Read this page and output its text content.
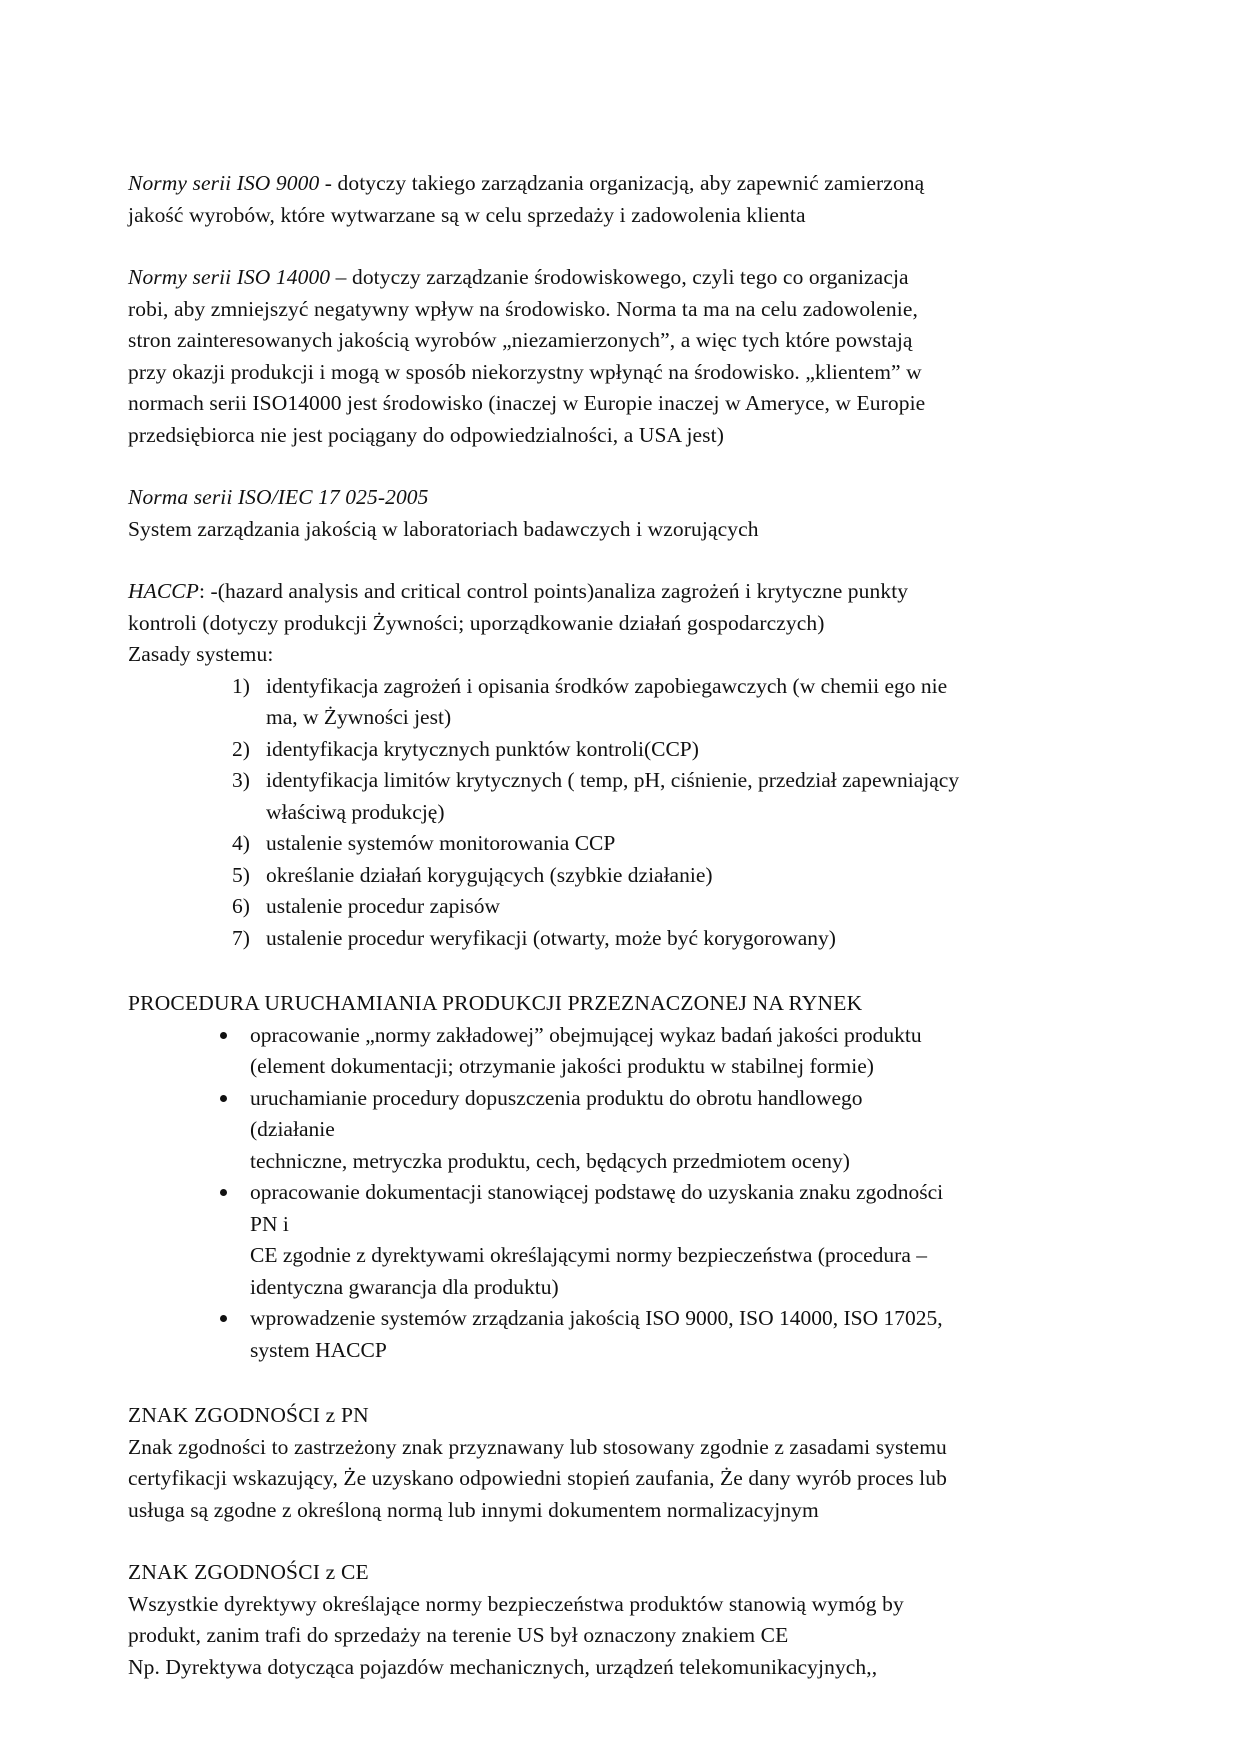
Normy serii ISO 9000 - dotyczy takiego zarządzania organizacją, aby zapewnić zamierzoną
jakość wyrobów, które wytwarzane są w celu sprzedaży i zadowolenia klienta
Normy serii ISO 14000 – dotyczy zarządzanie środowiskowego, czyli tego co organizacja
robi, aby zmniejszyć negatywny wpływ na środowisko. Norma ta ma na celu zadowolenie,
stron zainteresowanych jakością wyrobów „niezamierzonych”, a więc tych które powstają
przy okazji produkcji i mogą w sposób niekorzystny wpłynąć na środowisko. „klientem” w
normach serii ISO14000 jest środowisko (inaczej w Europie inaczej w Ameryce, w Europie
przedsiębiorca nie jest pociągany do odpowiedzialności, a USA jest)
Norma serii ISO/IEC 17 025-2005
System zarządzania jakością w laboratoriach badawczych i wzorujących
HACCP: -(hazard analysis and critical control points)analiza zagrożeń i krytyczne punkty
kontroli (dotyczy produkcji Żywności; uporządkowanie działań gospodarczych)
Zasady systemu:
1) identyfikacja zagrożeń i opisania środków zapobiegawczych (w chemii ego nie
ma, w Żywności jest)
2) identyfikacja krytycznych punktów kontroli(CCP)
3) identyfikacja limitów krytycznych ( temp, pH, ciśnienie, przedział zapewniający
właściwą produkcję)
4) ustalenie systemów monitorowania CCP
5) określanie działań korygujących (szybkie działanie)
6) ustalenie procedur zapisów
7) ustalenie procedur weryfikacji (otwarty, może być korygorowany)
PROCEDURA URUCHAMIANIA PRODUKCJI PRZEZNACZONEJ NA RYNEK
opracowanie „normy zakładowej” obejmującej wykaz badań jakości produktu
(element dokumentacji; otrzymanie jakości produktu w stabilnej formie)
uruchamianie procedury dopuszczenia produktu do obrotu handlowego
(działanie
techniczne, metryczka produktu, cech, będących przedmiotem oceny)
opracowanie dokumentacji stanowiącej podstawę do uzyskania znaku zgodności
PN i
CE zgodnie z dyrektywami określającymi normy bezpieczeństwa (procedura –
identyczna gwarancja dla produktu)
wprowadzenie systemów zrządzania jakością ISO 9000, ISO 14000, ISO 17025,
system HACCP
ZNAK ZGODNOŚCI z PN
Znak zgodności to zastrzeżony znak przyznawany lub stosowany zgodnie z zasadami systemu
certyfikacji wskazujący, Że uzyskano odpowiedni stopień zaufania, Że dany wyrób proces lub
usługa są zgodne z określoną normą lub innymi dokumentem normalizacyjnym
ZNAK ZGODNOŚCI z CE
Wszystkie dyrektywy określające normy bezpieczeństwa produktów stanowią wymóg by
produkt, zanim trafi do sprzedaży na terenie US był oznaczony znakiem CE
Np. Dyrektywa dotycząca pojazdów mechanicznych, urządzeń telekomunikacyjnych,,
